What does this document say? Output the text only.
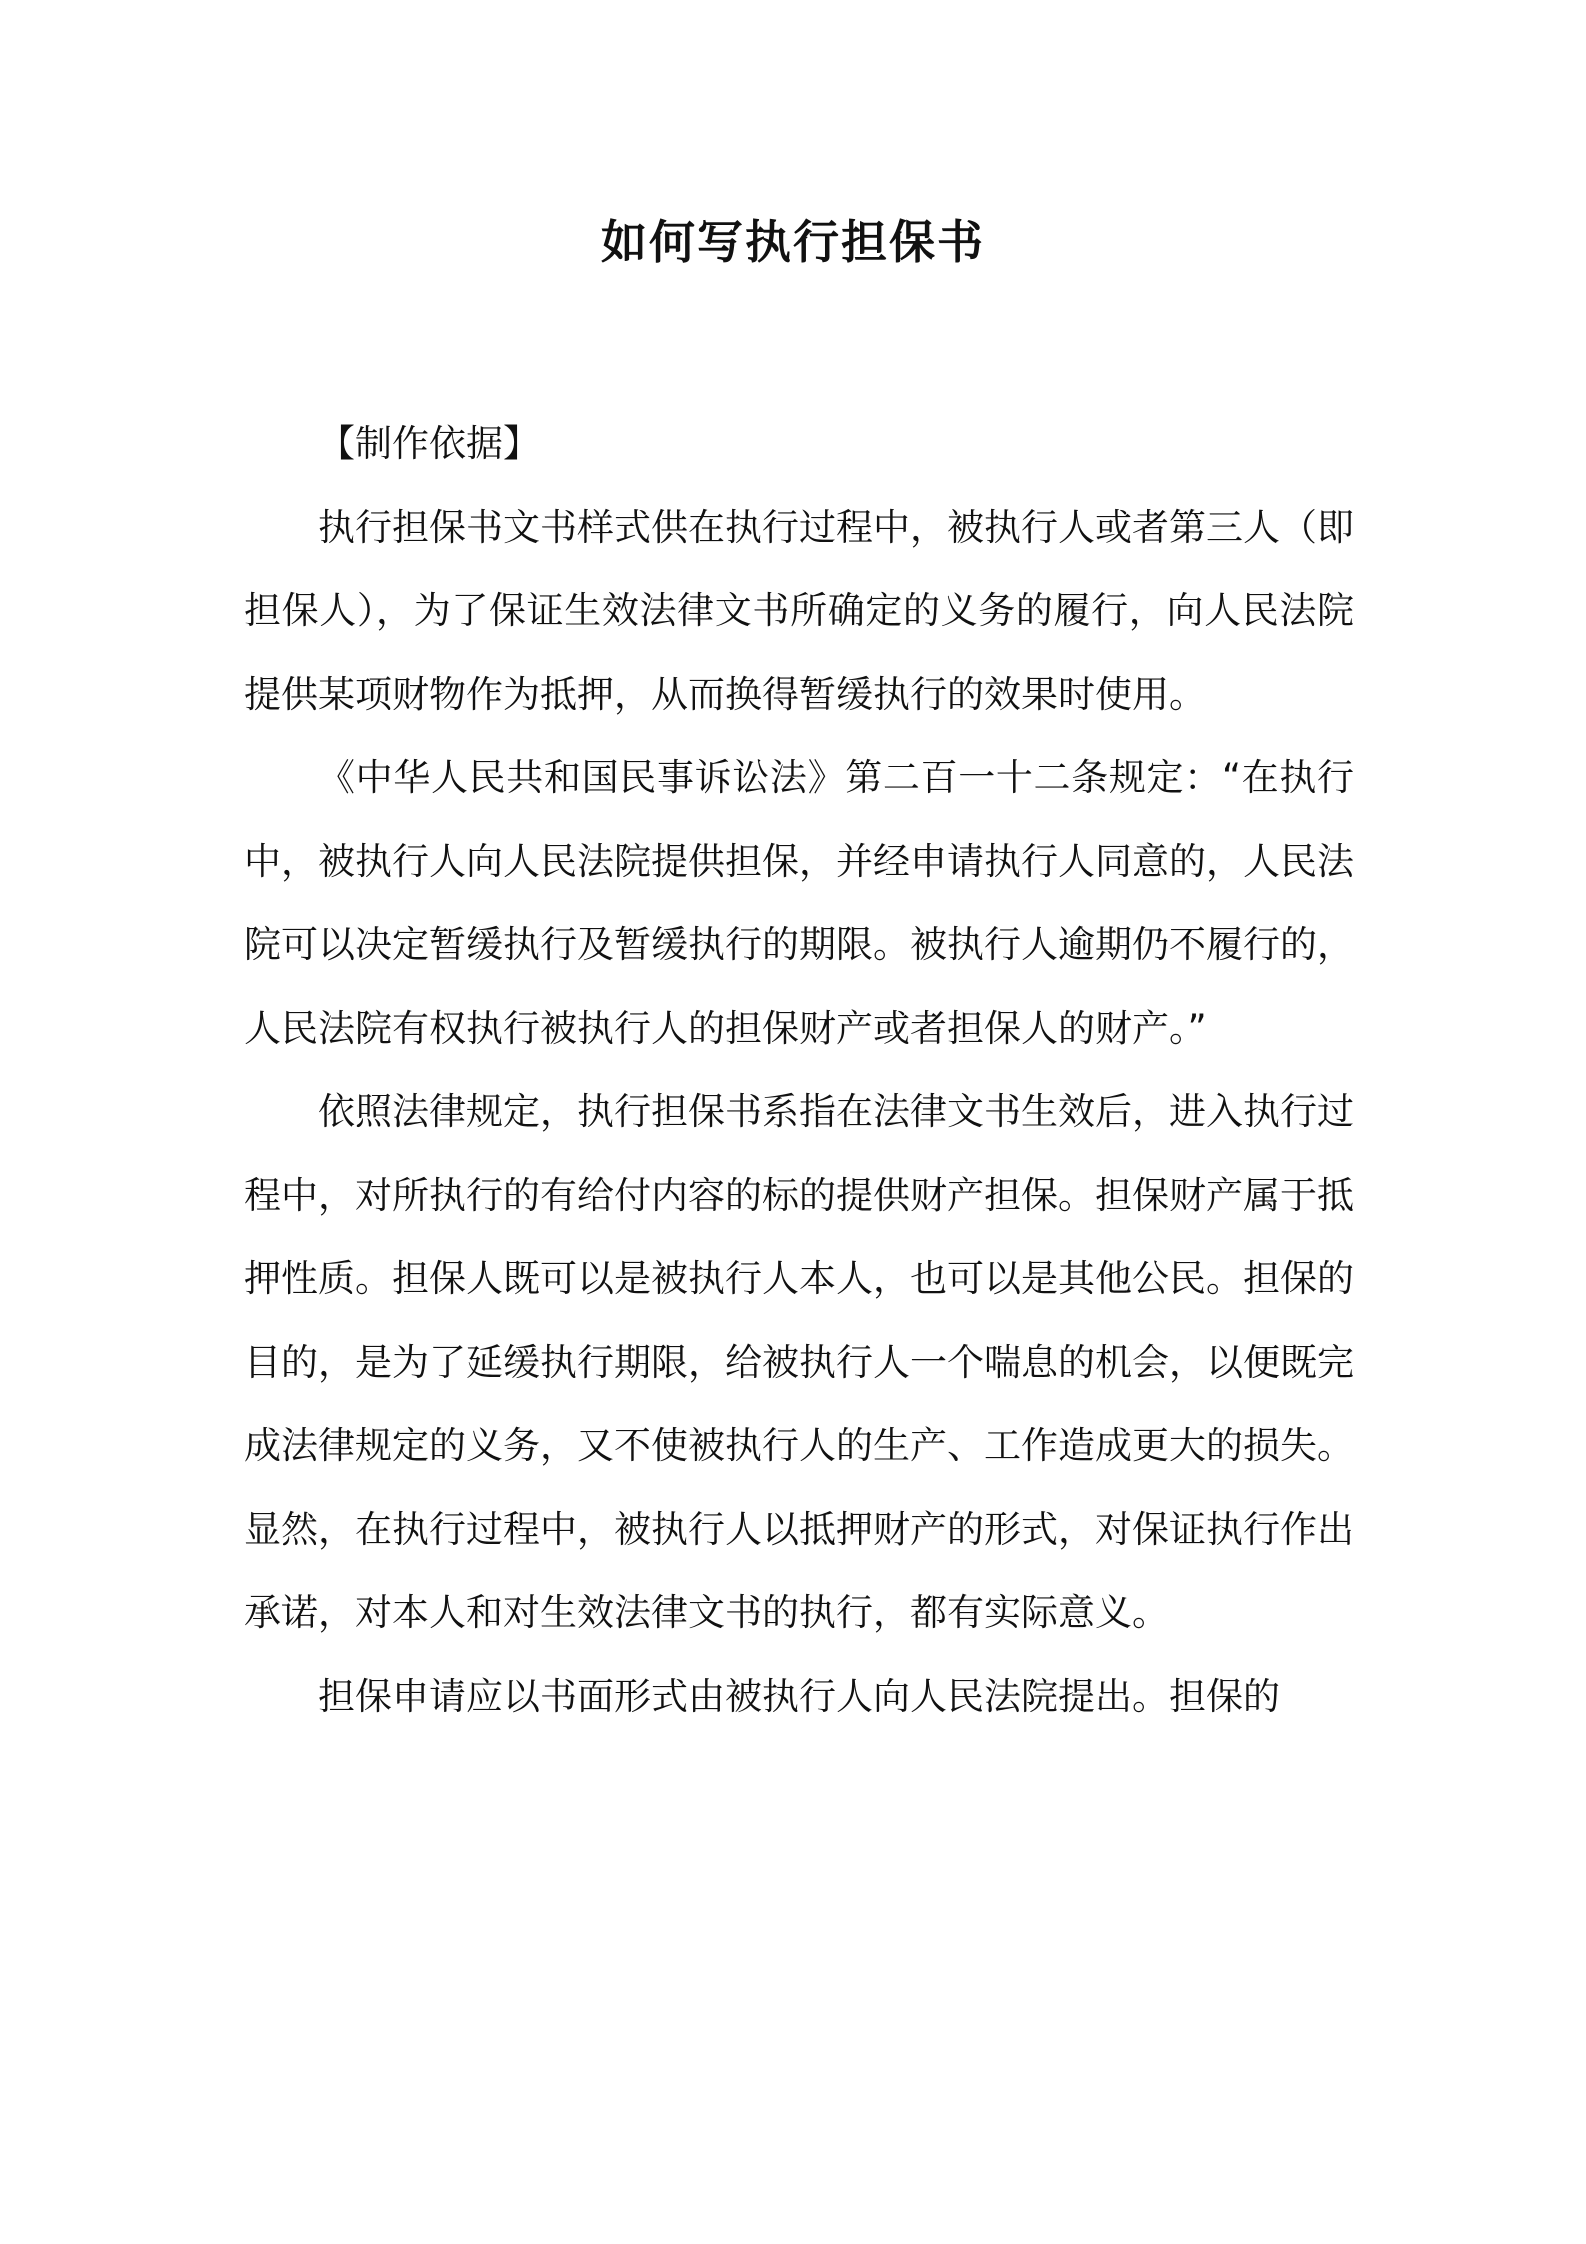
如何写执行担保书

【制作依据】

执行担保书文书样式供在执行过程中，被执行人或者第三人（即担保人），为了保证生效法律文书所确定的义务的履行，向人民法院提供某项财物作为抵押，从而换得暂缓执行的效果时使用。

《中华人民共和国民事诉讼法》第二百一十二条规定：“在执行中，被执行人向人民法院提供担保，并经申请执行人同意的，人民法院可以决定暂缓执行及暂缓执行的期限。被执行人逾期仍不履行的，人民法院有权执行被执行人的担保财产或者担保人的财产。”

依照法律规定，执行担保书系指在法律文书生效后，进入执行过程中，对所执行的有给付内容的标的提供财产担保。担保财产属于抵押性质。担保人既可以是被执行人本人，也可以是其他公民。担保的目的，是为了延缓执行期限，给被执行人一个喘息的机会，以便既完成法律规定的义务，又不使被执行人的生产、工作造成更大的损失。显然，在执行过程中，被执行人以抵押财产的形式，对保证执行作出承诺，对本人和对生效法律文书的执行，都有实际意义。

担保申请应以书面形式由被执行人向人民法院提出。担保的
